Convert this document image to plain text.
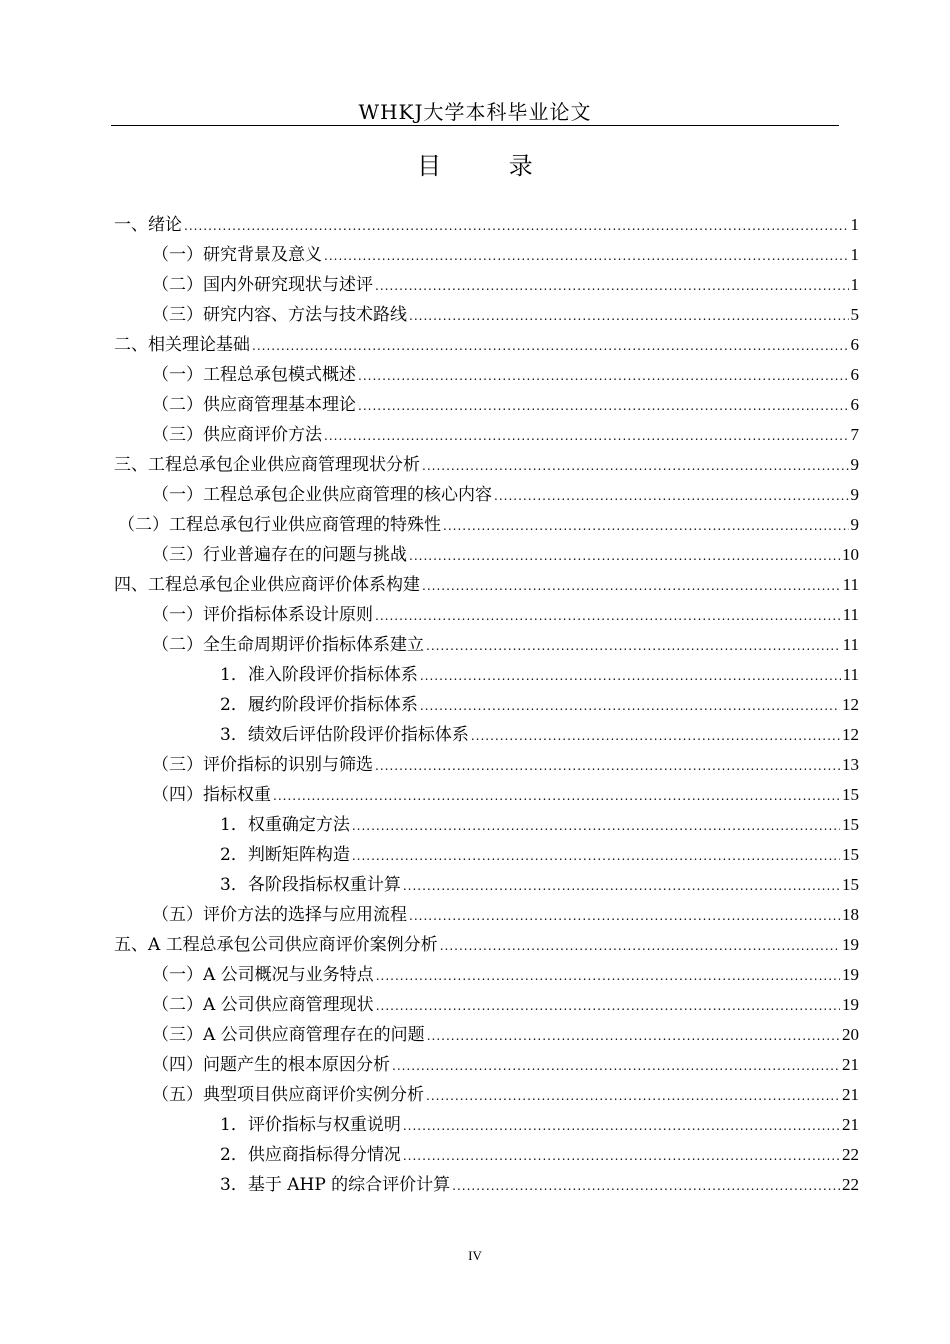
WHKJ大学本科毕业论文
目 录
一、绪论 .....	1
（一）研究背景及意义 .....	1
（二）国内外研究现状与述评 .....	1
（三）研究内容、方法与技术路线 .....	5
二、相关理论基础 .....	6
（一）工程总承包模式概述 .....	6
（二）供应商管理基本理论 .....	6
（三）供应商评价方法 .....	7
三、工程总承包企业供应商管理现状分析 .....	9
（一）工程总承包企业供应商管理的核心内容 .....	9
（二）工程总承包行业供应商管理的特殊性 .....	9
（三）行业普遍存在的问题与挑战 .....	10
四、工程总承包企业供应商评价体系构建 .....	11
（一）评价指标体系设计原则 .....	11
（二）全生命周期评价指标体系建立 .....	11
1．准入阶段评价指标体系 .....	11
2．履约阶段评价指标体系 .....	12
3．绩效后评估阶段评价指标体系 .....	12
（三）评价指标的识别与筛选 .....	13
（四）指标权重 .....	15
1．权重确定方法 .....	15
2．判断矩阵构造 .....	15
3．各阶段指标权重计算 .....	15
（五）评价方法的选择与应用流程 .....	18
五、A 工程总承包公司供应商评价案例分析 .....	19
（一）A 公司概况与业务特点 .....	19
（二）A 公司供应商管理现状 .....	19
（三）A 公司供应商管理存在的问题 .....	20
（四）问题产生的根本原因分析 .....	21
（五）典型项目供应商评价实例分析 .....	21
1．评价指标与权重说明 .....	21
2．供应商指标得分情况 .....	22
3．基于 AHP 的综合评价计算 .....	22
IV
